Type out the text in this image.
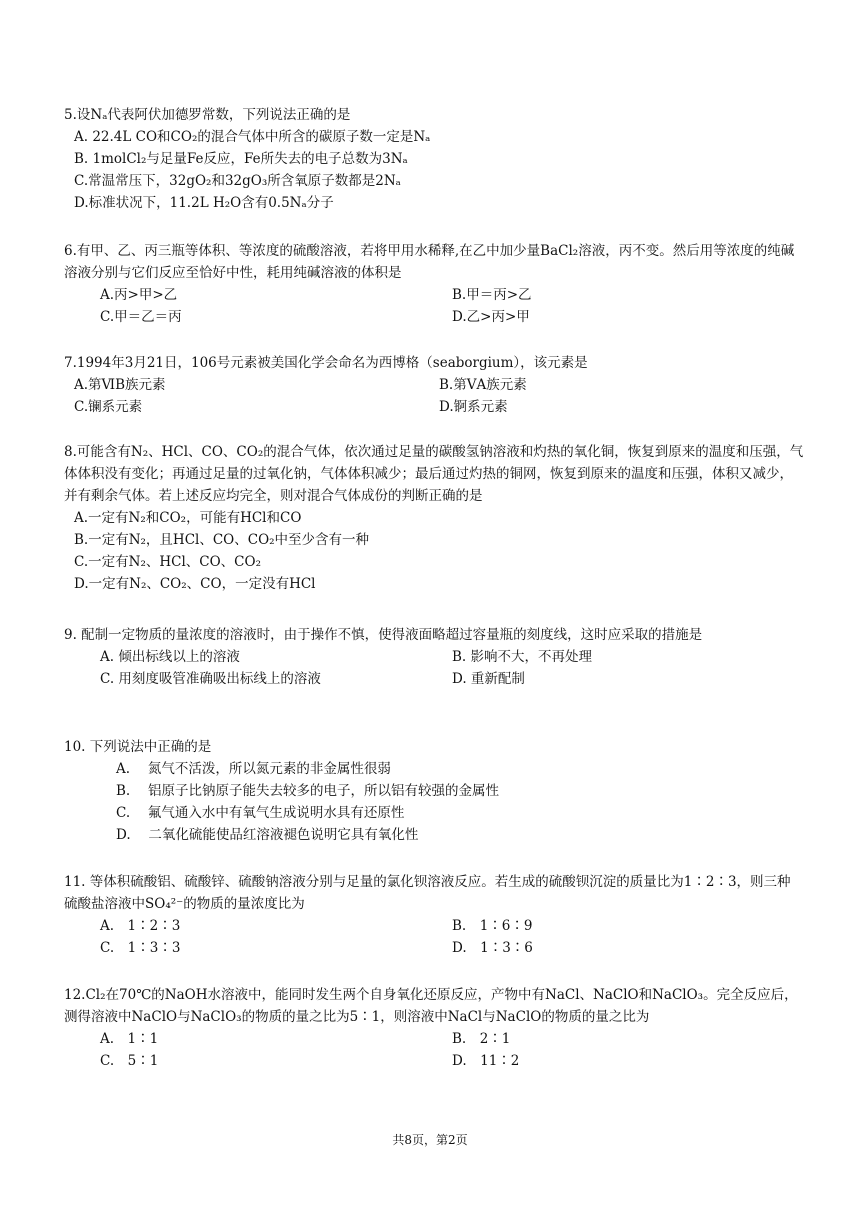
5.设Nₐ代表阿伏加德罗常数，下列说法正确的是

A. 22.4L CO和CO₂的混合气体中所含的碳原子数一定是Nₐ
B. 1molCl₂与足量Fe反应，Fe所失去的电子总数为3Nₐ
C.常温常压下，32gO₂和32gO₃所含氧原子数都是2Nₐ
D.标准状况下，11.2L H₂O含有0.5Nₐ分子

6.有甲、乙、丙三瓶等体积、等浓度的硫酸溶液，若将甲用水稀释,在乙中加少量BaCl₂溶液，丙不变。然后用等浓度的纯碱溶液分别与它们反应至恰好中性，耗用纯碱溶液的体积是

A.丙>甲>乙	B.甲＝丙>乙
C.甲＝乙＝丙	D.乙>丙>甲

7.1994年3月21日，106号元素被美国化学会命名为西博格（seaborgium），该元素是

A.第ⅥB族元素	B.第ⅤA族元素
C.镧系元素	D.锕系元素

8.可能含有N₂、HCl、CO、CO₂的混合气体，依次通过足量的碳酸氢钠溶液和灼热的氧化铜，恢复到原来的温度和压强，气体体积没有变化；再通过足量的过氧化钠，气体体积减少；最后通过灼热的铜网，恢复到原来的温度和压强，体积又减少，并有剩余气体。若上述反应均完全，则对混合气体成份的判断正确的是

A.一定有N₂和CO₂，可能有HCl和CO
B.一定有N₂，且HCl、CO、CO₂中至少含有一种
C.一定有N₂、HCl、CO、CO₂
D.一定有N₂、CO₂、CO，一定没有HCl

9. 配制一定物质的量浓度的溶液时，由于操作不慎，使得液面略超过容量瓶的刻度线，这时应采取的措施是

A. 倾出标线以上的溶液	B. 影响不大，不再处理
C. 用刻度吸管准确吸出标线上的溶液	D. 重新配制

10. 下列说法中正确的是

A.　 氮气不活泼，所以氮元素的非金属性很弱
B.　 铝原子比钠原子能失去较多的电子，所以铝有较强的金属性
C.　 氟气通入水中有氧气生成说明水具有还原性
D.　 二氧化硫能使品红溶液褪色说明它具有氧化性

11. 等体积硫酸铝、硫酸锌、硫酸钠溶液分别与足量的氯化钡溶液反应。若生成的硫酸钡沉淀的质量比为1∶2∶3，则三种硫酸盐溶液中SO₄²⁻的物质的量浓度比为

A.　1∶2∶3	B.　1∶6∶9
C.　1∶3∶3	D.　1∶3∶6

12.Cl₂在70℃的NaOH水溶液中，能同时发生两个自身氧化还原反应，产物中有NaCl、NaClO和NaClO₃。完全反应后，测得溶液中NaClO与NaClO₃的物质的量之比为5∶1，则溶液中NaCl与NaClO的物质的量之比为

A.　1∶1	B.　2∶1
C.　5∶1	D.　11∶2
共8页，第2页
